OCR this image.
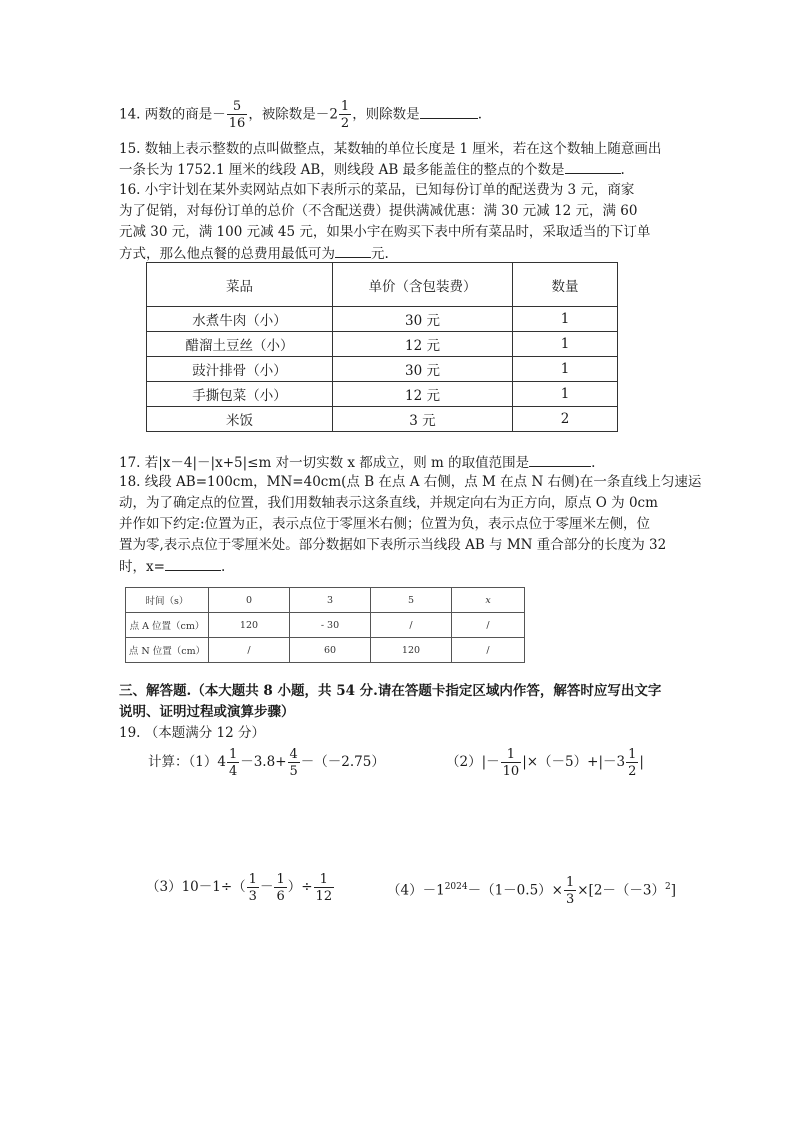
14. 两数的商是－ $\frac{5}{16}$ ，被除数是$-2 \frac{1}{2}$ ，则除数是	.
15. 数轴上表示整数的点叫做整点，某数轴的单位长度是 1 厘米，若在这个数轴上随意画出
一条长为 1752.1 厘米的线段 AB，则线段 AB 最多能盖住的整点的个数是	.
16. 小宇计划在某外卖网站点如下表所示的菜品，已知每份订单的配送费为 3 元，商家
为了促销，对每份订单的总价（不含配送费）提供满减优惠：满 30 元减 12 元，满 60
元减 30 元，满 100 元减 45 元，如果小宇在购买下表中所有菜品时，采取适当的下订单
方式，那么他点餐的总费用最低可为	元.
菜品	单价（含包装费）	数量
水煮牛肉（小）	30 元	1
醋溜土豆丝（小）	12 元	1
豉汁排骨（小）	30 元	1
手撕包菜（小）	12 元	1
米饭	3 元	2
17. 若|x－4|－|x+5|≤m 对一切实数 x 都成立，则 m 的取值范围是	.
18. 线段 AB=100cm，MN=40cm(点 B 在点 A 右侧，点 M 在点 N 右侧)在一条直线上匀速运
动，为了确定点的位置，我们用数轴表示这条直线，并规定向右为正方向，原点 O 为 0cm
并作如下约定:位置为正，表示点位于零厘米右侧；位置为负，表示点位于零厘米左侧，位
置为零,表示点位于零厘米处。部分数据如下表所示当线段 AB 与 MN 重合部分的长度为 32
时，x=	.
时间（s）	0	3	5	x
点 A 位置（cm）	120	- 30	/	/
点 N 位置（cm）	/	60	120	/
三、解答题.（本大题共 8 小题，共 54 分.请在答题卡指定区域内作答，解答时应写出文字
说明、证明过程或演算步骤）
19. （本题满分 12 分）
计算：$(1)4 \frac{1}{4} -3.8+ \frac{4}{5} -(-2.75)$	$(2)|- \frac{1}{10} |\times(-5)+|-3 \frac{1}{2}$ |
$(3)10-1\div( \frac{1}{3} - \frac{1}{6}$ ）÷ $\frac{1}{12}$	$(4)-1^{2024}-(1-0.5)\times \frac{1}{3} \times[2-(-3)^2]$
